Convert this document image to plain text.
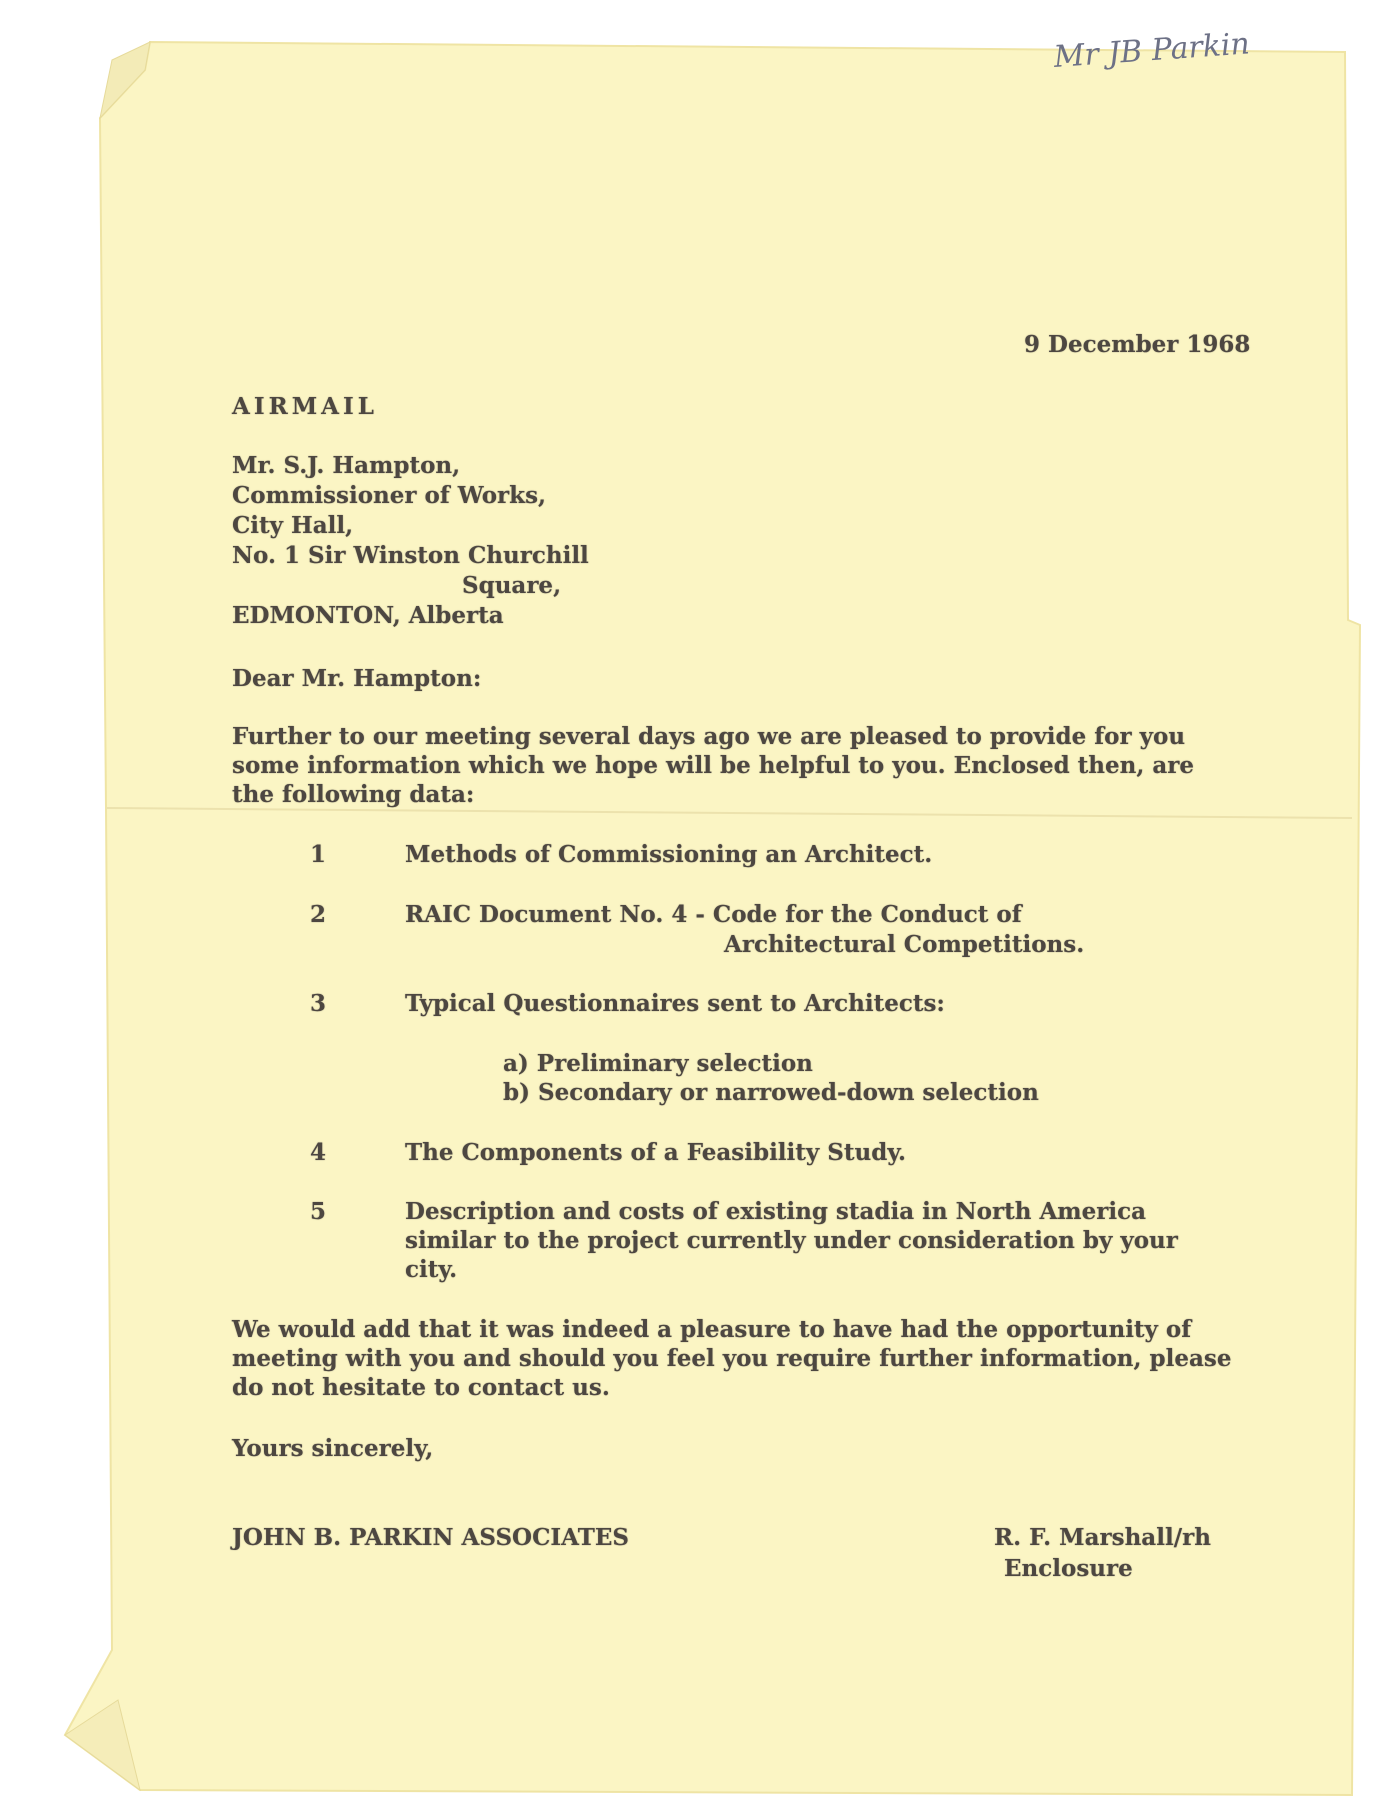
Mr JB Parkin
9 December 1968
AIRMAIL
Mr. S.J. Hampton,
Commissioner of Works,
City Hall,
No. 1 Sir Winston Churchill
Square,
EDMONTON, Alberta
Dear Mr. Hampton:
Further to our meeting several days ago we are pleased to provide for you
some information which we hope will be helpful to you. Enclosed then, are
the following data:
1	Methods of Commissioning an Architect.
2	RAIC Document No. 4 - Code for the Conduct of
Architectural Competitions.
3	Typical Questionnaires sent to Architects:
a) Preliminary selection
b) Secondary or narrowed-down selection
4	The Components of a Feasibility Study.
5	Description and costs of existing stadia in North America
similar to the project currently under consideration by your
city.
We would add that it was indeed a pleasure to have had the opportunity of
meeting with you and should you feel you require further information, please
do not hesitate to contact us.
Yours sincerely,
JOHN B. PARKIN ASSOCIATES	R. F. Marshall/rh
Enclosure
